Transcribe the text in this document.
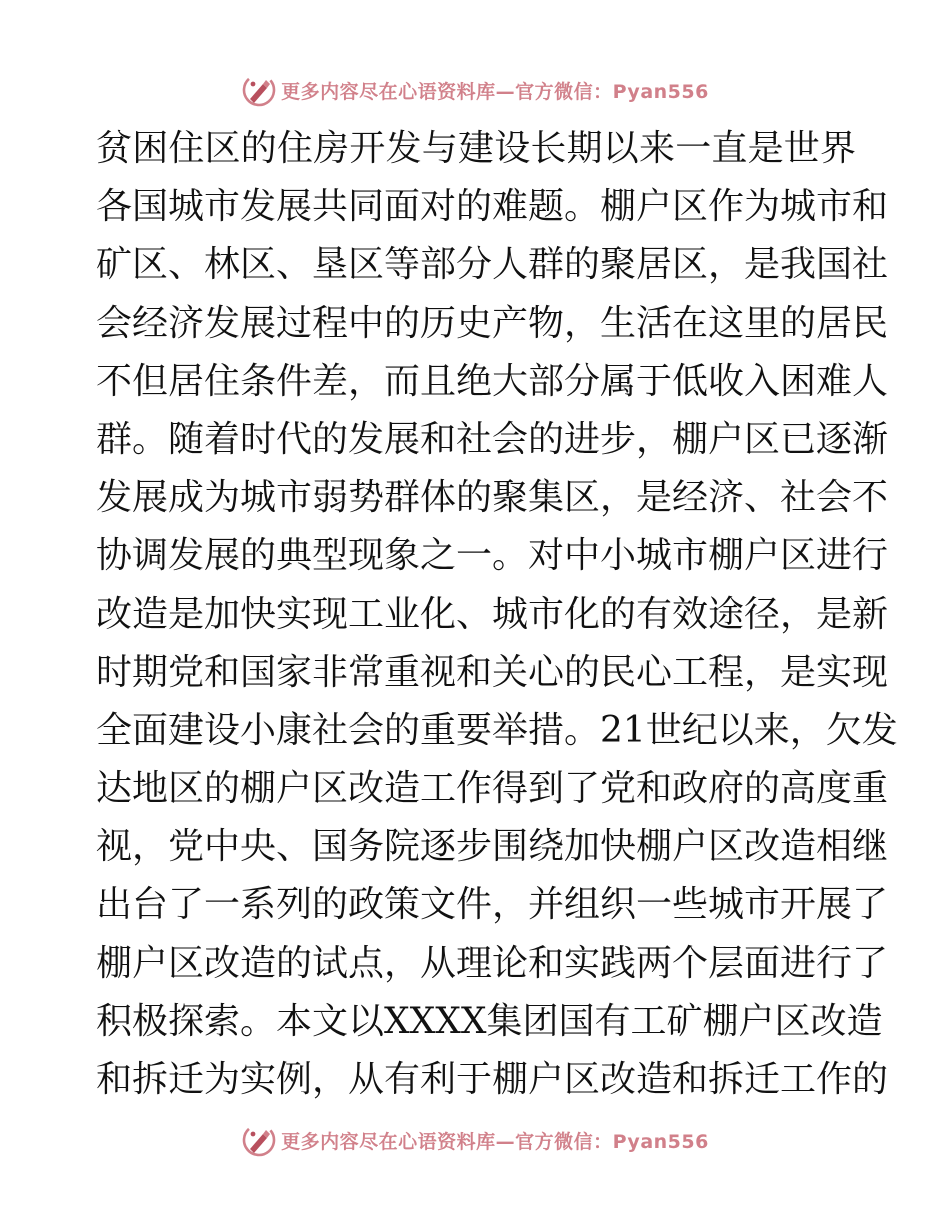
更多内容尽在心语资料库—官方微信：Pyan556
贫困住区的住房开发与建设长期以来一直是世界
各国城市发展共同面对的难题。棚户区作为城市和
矿区、林区、垦区等部分人群的聚居区，是我国社
会经济发展过程中的历史产物，生活在这里的居民
不但居住条件差，而且绝大部分属于低收入困难人
群。随着时代的发展和社会的进步，棚户区已逐渐
发展成为城市弱势群体的聚集区，是经济、社会不
协调发展的典型现象之一。对中小城市棚户区进行
改造是加快实现工业化、城市化的有效途径，是新
时期党和国家非常重视和关心的民心工程，是实现
全面建设小康社会的重要举措。21世纪以来，欠发
达地区的棚户区改造工作得到了党和政府的高度重
视，党中央、国务院逐步围绕加快棚户区改造相继
出台了一系列的政策文件，并组织一些城市开展了
棚户区改造的试点，从理论和实践两个层面进行了
积极探索。本文以XXXX集团国有工矿棚户区改造
和拆迁为实例，从有利于棚户区改造和拆迁工作的
更多内容尽在心语资料库—官方微信：Pyan556
